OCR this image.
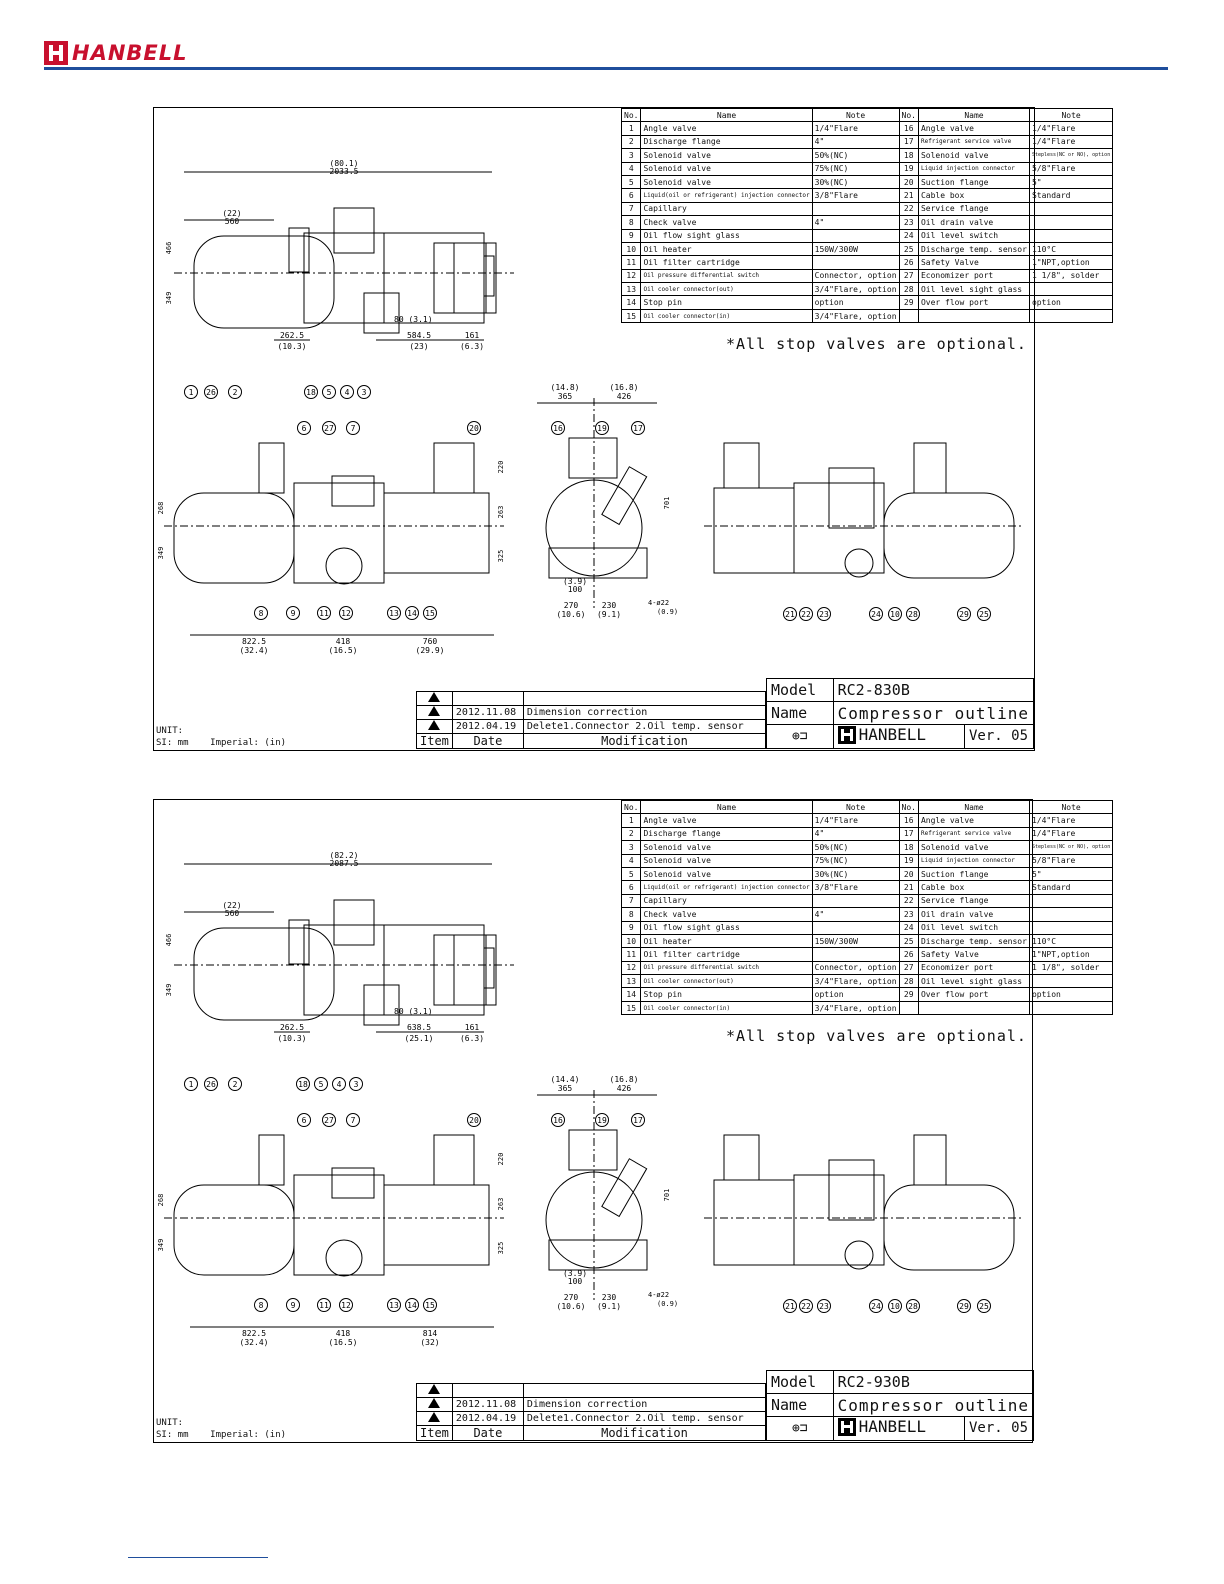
HANBELL
No.	Name	Note	No.	Name	Note
1	Angle valve	1/4"Flare	16	Angle valve	1/4"Flare
2	Discharge flange	4"	17	Refrigerant service valve	1/4"Flare
3	Solenoid valve	50%(NC)	18	Solenoid valve	Stepless(NC or NO), option
4	Solenoid valve	75%(NC)	19	Liquid injection connector	5/8"Flare
5	Solenoid valve	30%(NC)	20	Suction flange	5"
6	Liquid(oil or refrigerant) injection connector	3/8"Flare	21	Cable box	Standard
7	Capillary		22	Service flange	
8	Check valve	4"	23	Oil drain valve	
9	Oil flow sight glass		24	Oil level switch	
10	Oil heater	150W/300W	25	Discharge temp. sensor	110°C
11	Oil filter cartridge		26	Safety Valve	1"NPT,option
12	Oil pressure differential switch	Connector, option	27	Economizer port	1 1/8", solder
13	Oil cooler connector(out)	3/4"Flare, option	28	Oil level sight glass	
14	Stop pin	option	29	Over flow port	option
15	Oil cooler connector(in)	3/4"Flare, option			
*All stop valves are optional.
(80.1)
2033.5
(22)
560
262.5
(10.3)
584.5
(23)
161
(6.3)
80 (3.1)
466
349
1 26 2	18 5 4 3
822.5
(32.4)
418
(16.5)
760
(29.9)
263
325
220
268
349
8	9	11 12	13 14 15
6 27 7	20
(14.8)
365
(16.8)
426
(3.9)
100
270
(10.6)
230
(9.1)
4-ø22
(0.9)
701
16	19	17
21 22 23	24 10 28	29 25

	2012.11.08	Dimension correction
	2012.04.19	Delete1.Connector 2.Oil temp. sensor
Item	Date	Modification
UNIT:
SI: mm    Imperial: (in)
Model	RC2-830B	
Name	Compressor outline	
⊕⊐	HANBELL	Ver. 05
No.	Name	Note	No.	Name	Note
1	Angle valve	1/4"Flare	16	Angle valve	1/4"Flare
2	Discharge flange	4"	17	Refrigerant service valve	1/4"Flare
3	Solenoid valve	50%(NC)	18	Solenoid valve	Stepless(NC or NO), option
4	Solenoid valve	75%(NC)	19	Liquid injection connector	5/8"Flare
5	Solenoid valve	30%(NC)	20	Suction flange	5"
6	Liquid(oil or refrigerant) injection connector	3/8"Flare	21	Cable box	Standard
7	Capillary		22	Service flange	
8	Check valve	4"	23	Oil drain valve	
9	Oil flow sight glass		24	Oil level switch	
10	Oil heater	150W/300W	25	Discharge temp. sensor	110°C
11	Oil filter cartridge		26	Safety Valve	1"NPT,option
12	Oil pressure differential switch	Connector, option	27	Economizer port	1 1/8", solder
13	Oil cooler connector(out)	3/4"Flare, option	28	Oil level sight glass	
14	Stop pin	option	29	Over flow port	option
15	Oil cooler connector(in)	3/4"Flare, option			
*All stop valves are optional.
(82.2)
2087.5
(22)
560
262.5
(10.3)
638.5
(25.1)
161
(6.3)
80 (3.1)
466
349
1 26 2	18 5 4 3
822.5
(32.4)
418
(16.5)
814
(32)
263
325
220
268
349
8	9	11 12	13 14 15
6 27 7	20
(14.4)
365
(16.8)
426
(3.9)
100
270
(10.6)
230
(9.1)
4-ø22
(0.9)
701
16	19	17
21 22 23	24 10 28	29 25

	2012.11.08	Dimension correction
	2012.04.19	Delete1.Connector 2.Oil temp. sensor
Item	Date	Modification
UNIT:
SI: mm    Imperial: (in)
Model	RC2-930B	
Name	Compressor outline	
⊕⊐	HANBELL	Ver. 05
